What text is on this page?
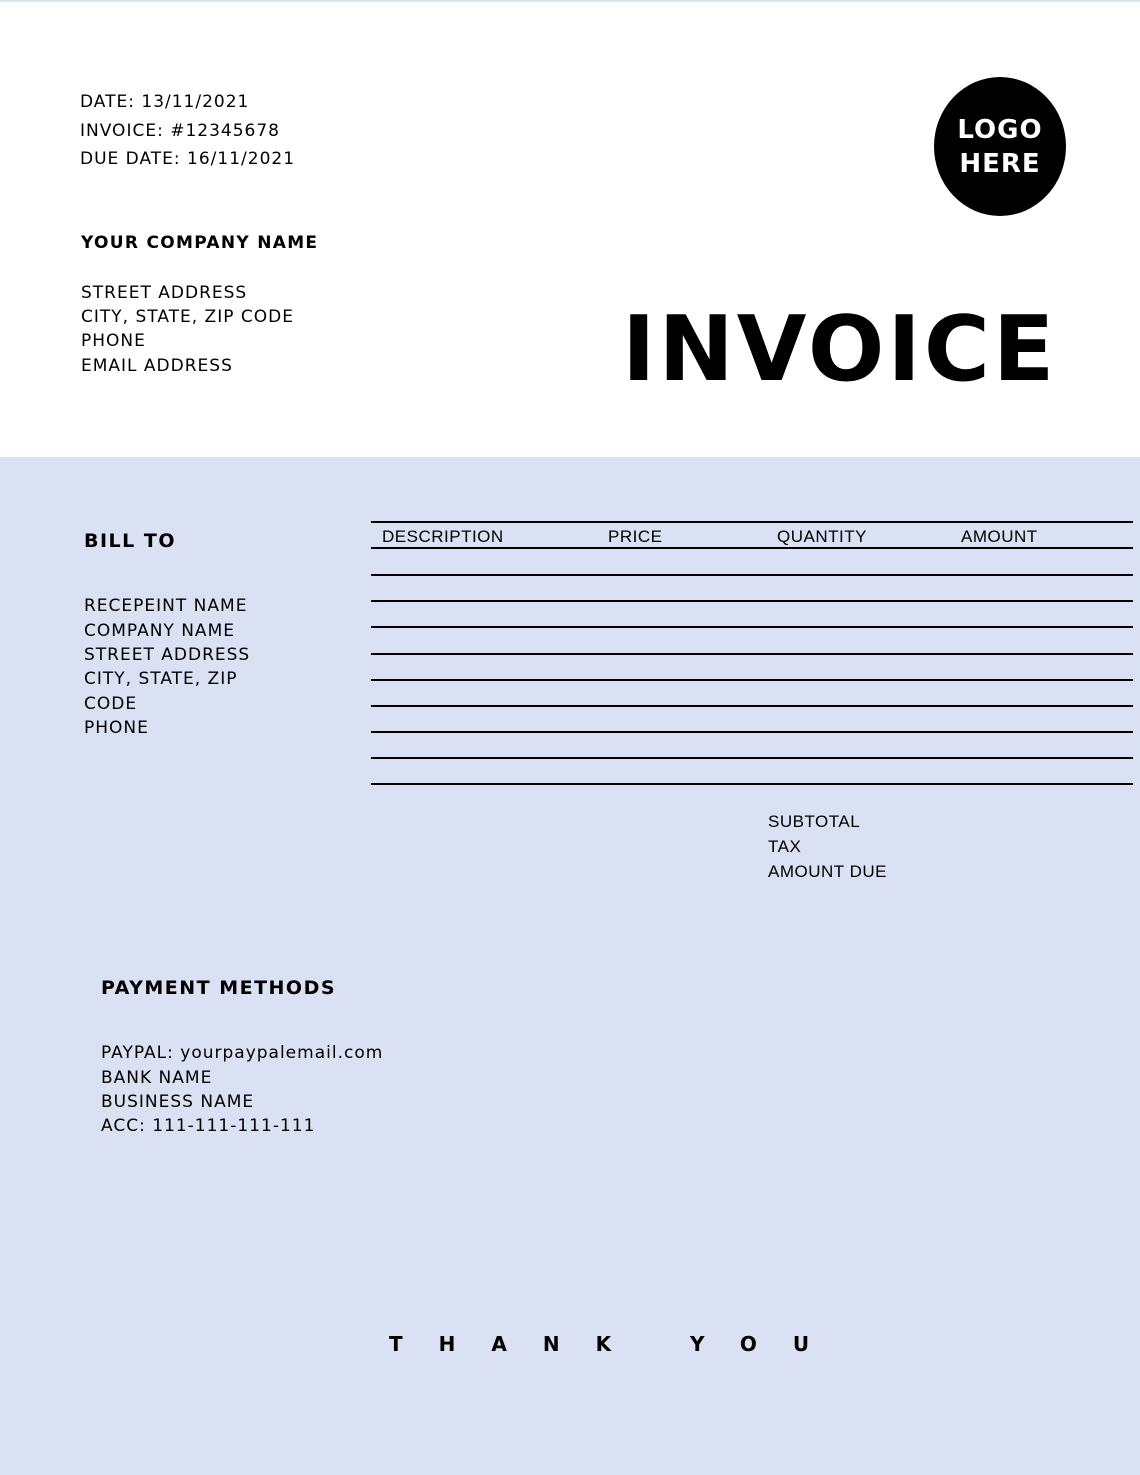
DATE: 13/11/2021
INVOICE: #12345678
DUE DATE: 16/11/2021
YOUR COMPANY NAME
STREET ADDRESS
CITY, STATE, ZIP CODE
PHONE
EMAIL ADDRESS
LOGO
HERE
INVOICE
BILL TO
RECEPEINT NAME
COMPANY NAME
STREET ADDRESS
CITY, STATE, ZIP
CODE
PHONE
DESCRIPTION	PRICE	QUANTITY	AMOUNT
SUBTOTAL
TAX
AMOUNT DUE
PAYMENT METHODS
PAYPAL: yourpaypalemail.com
BANK NAME
BUSINESS NAME
ACC: 111-111-111-111
THANK YOU
